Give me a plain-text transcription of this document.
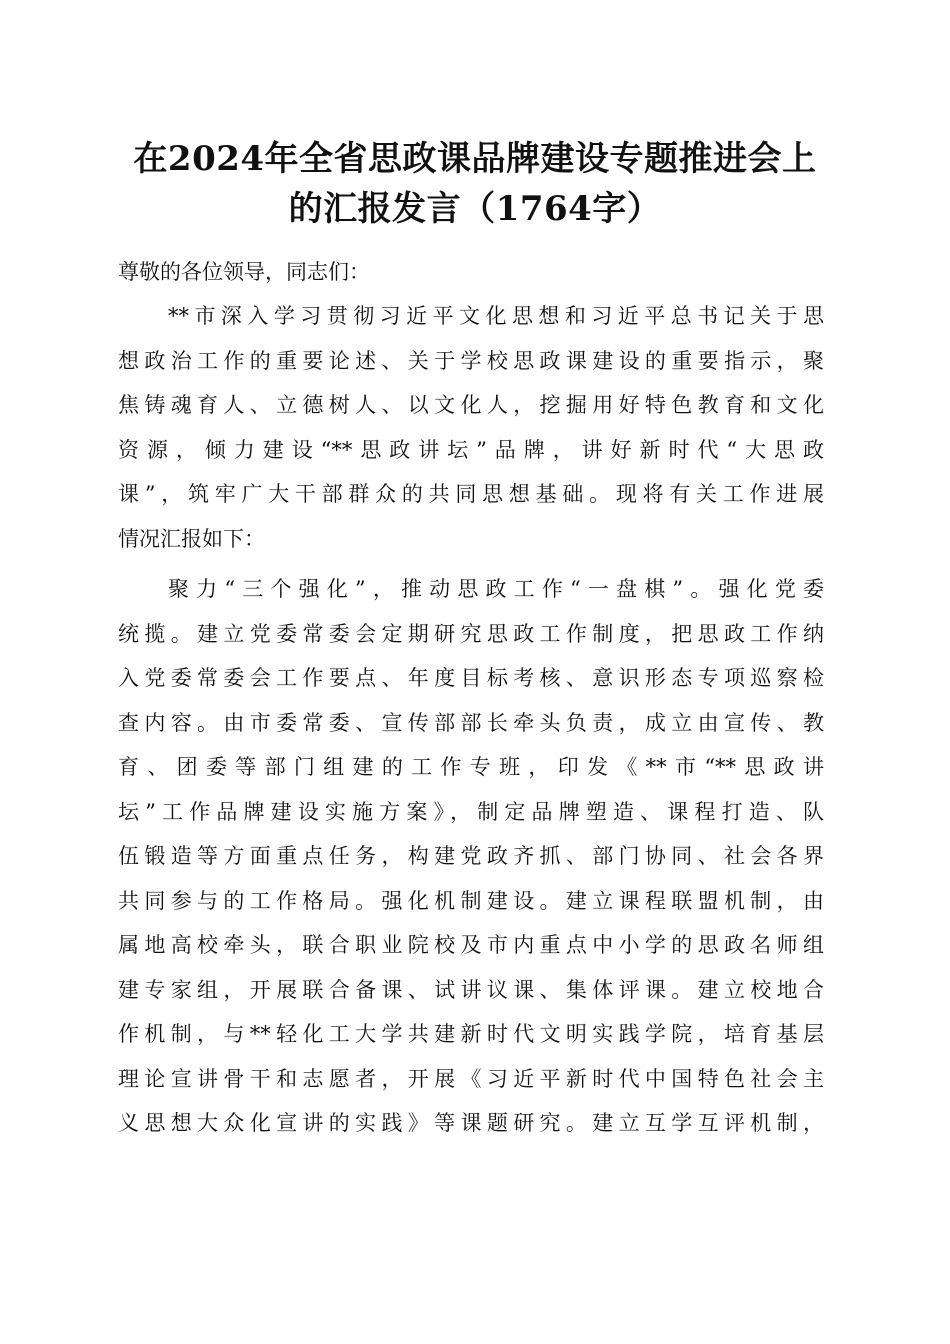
在2024年全省思政课品牌建设专题推进会上
的汇报发言（1764字）

尊敬的各位领导，同志们：

**市深入学习贯彻习近平文化思想和习近平总书记关于思
想政治工作的重要论述、关于学校思政课建设的重要指示，聚
焦铸魂育人、立德树人、以文化人，挖掘用好特色教育和文化
资源，倾力建设“**思政讲坛”品牌，讲好新时代“大思政
课”，筑牢广大干部群众的共同思想基础。现将有关工作进展
情况汇报如下：

聚力“三个强化”，推动思政工作“一盘棋”。强化党委
统揽。建立党委常委会定期研究思政工作制度，把思政工作纳
入党委常委会工作要点、年度目标考核、意识形态专项巡察检
查内容。由市委常委、宣传部部长牵头负责，成立由宣传、教
育、团委等部门组建的工作专班，印发《**市“**思政讲
坛”工作品牌建设实施方案》，制定品牌塑造、课程打造、队
伍锻造等方面重点任务，构建党政齐抓、部门协同、社会各界
共同参与的工作格局。强化机制建设。建立课程联盟机制，由
属地高校牵头，联合职业院校及市内重点中小学的思政名师组
建专家组，开展联合备课、试讲议课、集体评课。建立校地合
作机制，与**轻化工大学共建新时代文明实践学院，培育基层
理论宣讲骨干和志愿者，开展《习近平新时代中国特色社会主
义思想大众化宣讲的实践》等课题研究。建立互学互评机制，
